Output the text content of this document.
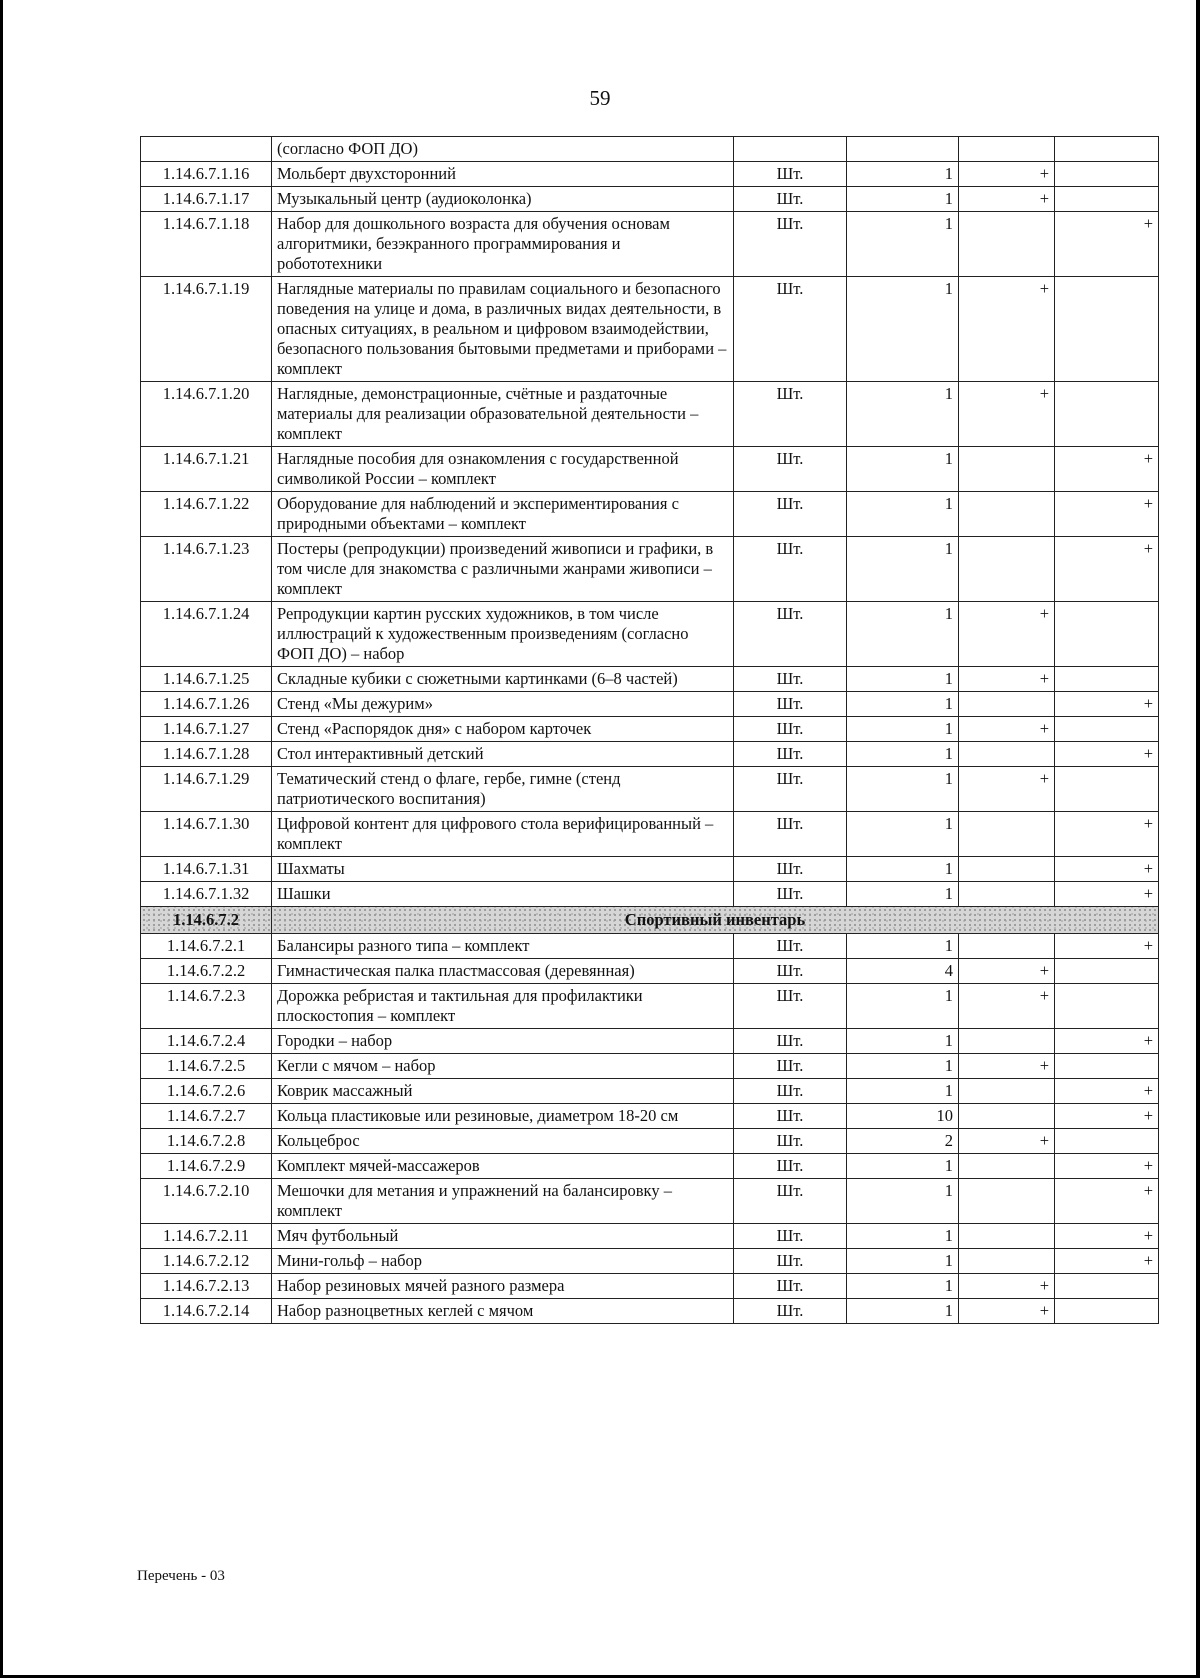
59
	(согласно ФОП ДО)				
1.14.6.7.1.16	Мольберт двухсторонний	Шт.	1	+	
1.14.6.7.1.17	Музыкальный центр (аудиоколонка)	Шт.	1	+	
1.14.6.7.1.18	Набор для дошкольного возраста для обучения основам алгоритмики, безэкранного программирования и робототехники	Шт.	1		+
1.14.6.7.1.19	Наглядные материалы по правилам социального и безопасного поведения на улице и дома, в различных видах деятельности, в опасных ситуациях, в реальном и цифровом взаимодействии, безопасного пользования бытовыми предметами и приборами – комплект	Шт.	1	+	
1.14.6.7.1.20	Наглядные, демонстрационные, счётные и раздаточные материалы для реализации образовательной деятельности – комплект	Шт.	1	+	
1.14.6.7.1.21	Наглядные пособия для ознакомления с государственной символикой России – комплект	Шт.	1		+
1.14.6.7.1.22	Оборудование для наблюдений и экспериментирования с природными объектами – комплект	Шт.	1		+
1.14.6.7.1.23	Постеры (репродукции) произведений живописи и графики, в том числе для знакомства с различными жанрами живописи – комплект	Шт.	1		+
1.14.6.7.1.24	Репродукции картин русских художников, в том числе иллюстраций к художественным произведениям (согласно ФОП ДО) – набор	Шт.	1	+	
1.14.6.7.1.25	Складные кубики с сюжетными картинками (6–8 частей)	Шт.	1	+	
1.14.6.7.1.26	Стенд «Мы дежурим»	Шт.	1		+
1.14.6.7.1.27	Стенд «Распорядок дня» с набором карточек	Шт.	1	+	
1.14.6.7.1.28	Стол интерактивный детский	Шт.	1		+
1.14.6.7.1.29	Тематический стенд о флаге, гербе, гимне (стенд патриотического воспитания)	Шт.	1	+	
1.14.6.7.1.30	Цифровой контент для цифрового стола верифицированный – комплект	Шт.	1		+
1.14.6.7.1.31	Шахматы	Шт.	1		+
1.14.6.7.1.32	Шашки	Шт.	1		+
1.14.6.7.2	Спортивный инвентарь				
1.14.6.7.2.1	Балансиры разного типа – комплект	Шт.	1		+
1.14.6.7.2.2	Гимнастическая палка пластмассовая (деревянная)	Шт.	4	+	
1.14.6.7.2.3	Дорожка ребристая и тактильная для профилактики плоскостопия – комплект	Шт.	1	+	
1.14.6.7.2.4	Городки – набор	Шт.	1		+
1.14.6.7.2.5	Кегли с мячом – набор	Шт.	1	+	
1.14.6.7.2.6	Коврик массажный	Шт.	1		+
1.14.6.7.2.7	Кольца пластиковые или резиновые, диаметром 18-20 см	Шт.	10		+
1.14.6.7.2.8	Кольцеброс	Шт.	2	+	
1.14.6.7.2.9	Комплект мячей-массажеров	Шт.	1		+
1.14.6.7.2.10	Мешочки для метания и упражнений на балансировку – комплект	Шт.	1		+
1.14.6.7.2.11	Мяч футбольный	Шт.	1		+
1.14.6.7.2.12	Мини-гольф – набор	Шт.	1		+
1.14.6.7.2.13	Набор резиновых мячей разного размера	Шт.	1	+	
1.14.6.7.2.14	Набор разноцветных кеглей с мячом	Шт.	1	+	
Перечень - 03
